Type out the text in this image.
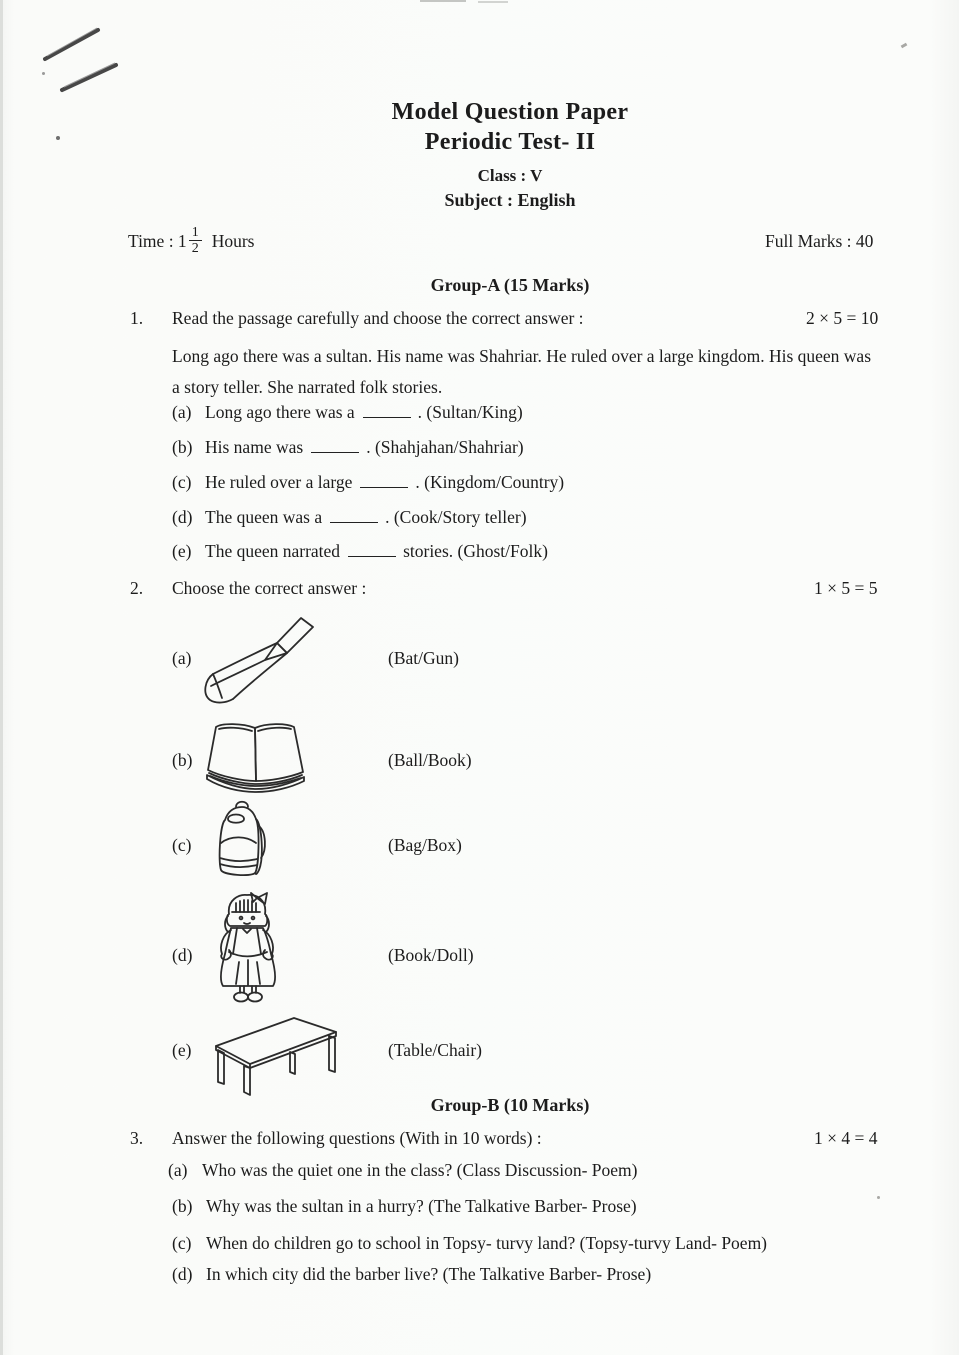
Model Question Paper
Periodic Test- II
Class : V
Subject : English
Time : $1 \frac{1}{2}$ Hours	Full Marks : 40
Group-A (15 Marks)
1. Read the passage carefully and choose the correct answer :	2 × 5 = 10
Long ago there was a sultan. His name was Shahriar. He ruled over a large kingdom. His queen was a story teller. She narrated folk stories.
(a) Long ago there was a	. (Sultan/King)
(b) His name was	. (Shahjahan/Shahriar)
(c) He ruled over a large	. (Kingdom/Country)
(d) The queen was a	. (Cook/Story teller)
(e) The queen narrated	stories. (Ghost/Folk)
2. Choose the correct answer :	1 × 5 = 5
(a)	(Bat/Gun)
(b)	(Ball/Book)
(c)	(Bag/Box)
(d)	(Book/Doll)
(e)	(Table/Chair)
Group-B (10 Marks)
3. Answer the following questions (With in 10 words) :	1 × 4 = 4
(a) Who was the quiet one in the class? (Class Discussion- Poem)
(b) Why was the sultan in a hurry? (The Talkative Barber- Prose)
(c) When do children go to school in Topsy- turvy land? (Topsy-turvy Land- Poem)
(d) In which city did the barber live? (The Talkative Barber- Prose)
